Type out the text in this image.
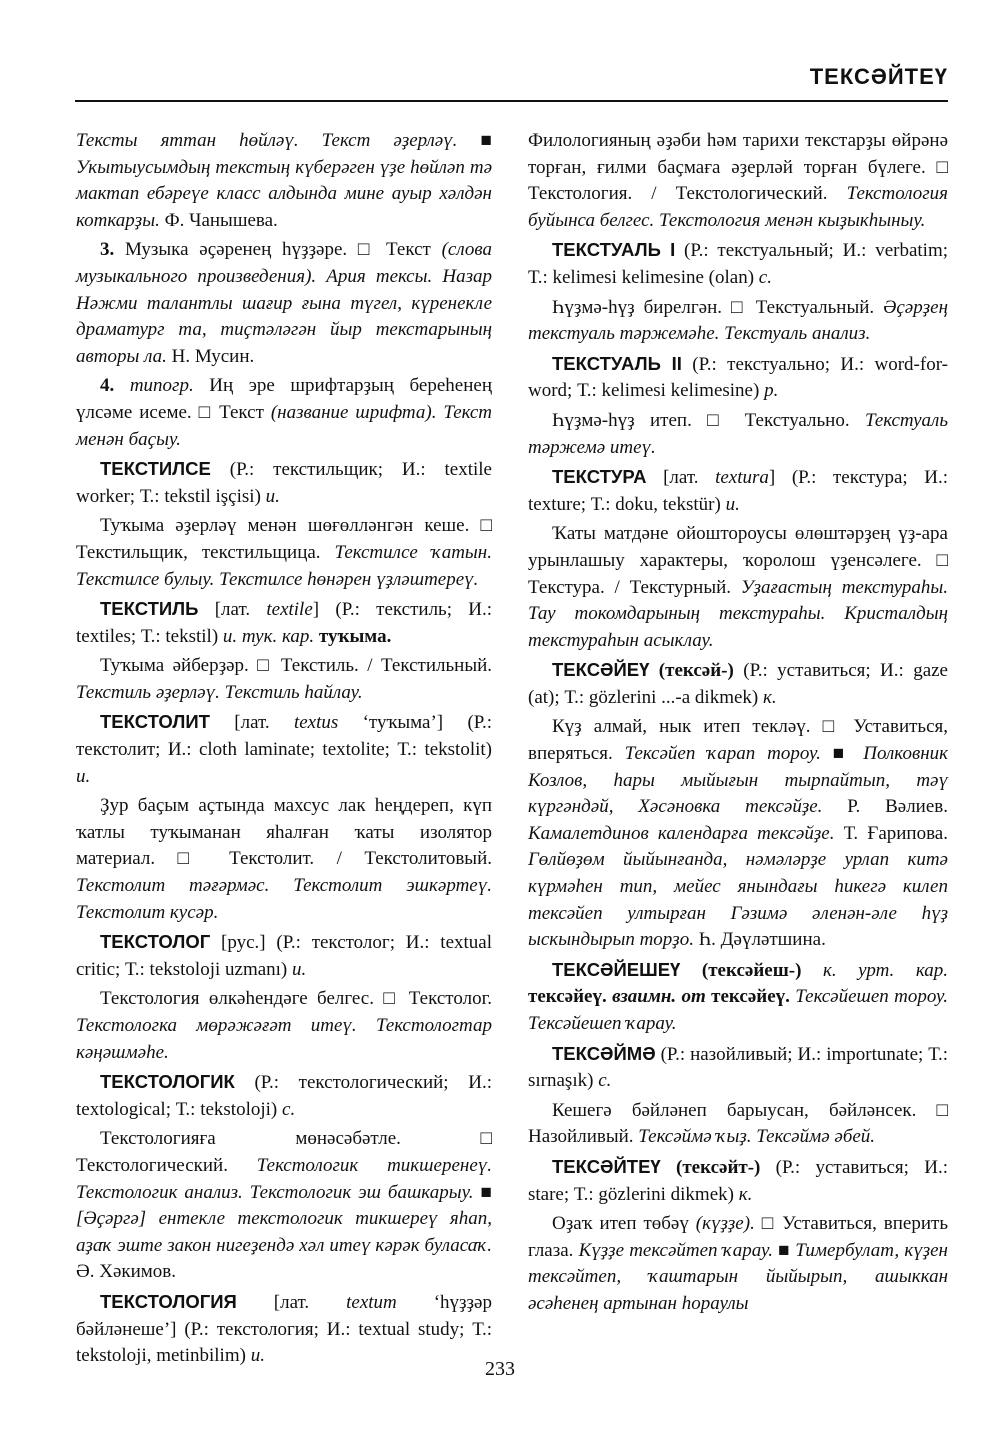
ТЕКСӘЙТЕҮ

Тексты яттан һөйләү. Текст әҙерләү. ■ Укытыусымдың текстың күберәген үҙе һөйләп тә мактап ебәреүе класс алдында мине ауыр хәлдән коткарҙы. Ф. Чанышева.

3. Музыка әҫәренең һүҙҙәре. □ Текст (слова музыкального произведения). Ария тексы. Назар Нәжми талантлы шағир ғына түгел, күренекле драматург та, тиҫтәләгән йыр текстарының авторы ла. Н. Мусин.

4. типогр. Иң эре шрифтарҙың береһенең үлсәме исеме. □ Текст (название шрифта). Текст менән баҫыу.

ТЕКСТИЛСЕ (Р.: текстильщик; И.: textile worker; Т.: tekstil işçisi) и.

Туҡыма әҙерләү менән шөғөлләнгән кеше. □ Текстильщик, текстильщица. Текстилсе ҡатын. Текстилсе булыу. Текстилсе һөнәрен үҙләштереү.

ТЕКСТИЛЬ [лат. textile] (Р.: текстиль; И.: textiles; Т.: tekstil) и. тук. кар. туҡыма.

Туҡыма әйберҙәр. □ Текстиль. / Текстильный. Текстиль әҙерләү. Текстиль һайлау.

ТЕКСТОЛИТ [лат. textus ‘туҡыма’] (Р.: текстолит; И.: cloth laminate; textolite; Т.: tekstolit) и.

Ҙур баҫым аҫтында махсус лак һеңдереп, күп ҡатлы туҡыманан яһалған ҡаты изолятор материал. □ Текстолит. / Текстолитовый. Текстолит тәғәрмәс. Текстолит эшкәртеү. Текстолит кусәр.

ТЕКСТОЛОГ [рус.] (Р.: текстолог; И.: textual critic; Т.: tekstoloji uzmanı) и.

Текстология өлкәһендәге белгес. □ Текстолог. Текстологка мөрәжәғәт итеү. Текстологтар кәңәшмәһе.

ТЕКСТОЛОГИК (Р.: текстологический; И.: textological; Т.: tekstoloji) с.

Текстологияға мөнәсәбәтле. □ Текстологический. Текстологик тикшеренеү. Текстологик анализ. Текстологик эш башкарыу. ■ [Әҫәргә] ентекле текстологик тикшереү яһап, аҙаҡ эште закон нигеҙендә хәл итеү кәрәк буласаҡ. Ә. Хәкимов.

ТЕКСТОЛОГИЯ [лат. textum ‘һүҙҙәр бәйләнеше’] (Р.: текстология; И.: textual study; Т.: tekstoloji, metinbilim) и.

Филологияның әҙәби һәм тарихи текстарҙы өйрәнә торған, ғилми баҫмаға әҙерләй торған бүлеге. □ Текстология. / Текстологический. Текстология буйынса белгес. Текстология менән кыҙыкһыныу.

ТЕКСТУАЛЬ I (Р.: текстуальный; И.: verbatim; Т.: kelimesi kelimesine (olan) с.

Һүҙмә-һүҙ бирелгән. □ Текстуальный. Әҫәрҙең текстуаль тәржемәһе. Текстуаль анализ.

ТЕКСТУАЛЬ II (Р.: текстуально; И.: word-for-word; Т.: kelimesi kelimesine) р.

Һүҙмә-һүҙ итеп. □ Текстуально. Текстуаль тәржемә итеү.

ТЕКСТУРА [лат. textura] (Р.: текстура; И.: texture; Т.: doku, tekstür) и.

Ҡаты матдәне ойоштороусы өлөштәрҙең үҙ-ара урынлашыу характеры, ҡоролош үҙенсәлеге. □ Текстура. / Текстурный. Уҙағастың текстураһы. Тау токомдарының текстураһы. Кристалдың текстураһын асыклау.

ТЕКСӘЙЕҮ (тексәй-) (Р.: уставиться; И.: gaze (at); Т.: gözlerini ...-a dikmek) к.

Күҙ алмай, нык итеп текләү. □ Уставиться, вперяться. Тексәйеп ҡарап тороу. ■ Полковник Козлов, һары мыйығын тырпайтып, тәү күргәндәй, Хәсәновка тексәйҙе. Р. Вәлиев. Камалетдинов календарға тексәйҙе. Т. Ғарипова. Гөлйөҙөм йыйынғанда, нәмәләрҙе урлап китә күрмәһен тип, мейес янындағы һикегә килеп тексәйеп ултырған Гәзимә әленән-әле һүҙ ыскындырып торҙо. Һ. Дәүләтшина.

ТЕКСӘЙЕШЕҮ (тексәйеш-) к. урт. кар. тексәйеү. взаимн. от тексәйеү. Тексәйешеп тороу. Тексәйешеп ҡарау.

ТЕКСӘЙМӘ (Р.: назойливый; И.: importunate; Т.: sırnaşık) с.

Кешегә бәйләнеп барыусан, бәйләнсек. □ Назойливый. Тексәймә ҡыҙ. Тексәймә әбей.

ТЕКСӘЙТЕҮ (тексәйт-) (Р.: уставиться; И.: stare; Т.: gözlerini dikmek) к.

Оҙаҡ итеп төбәү (күҙҙе). □ Уставиться, вперить глаза. Күҙҙе тексәйтеп ҡарау. ■ Тимербулат, күҙен тексәйтеп, ҡаштарын йыйырып, ашыккан әсәһенең артынан һораулы

233
